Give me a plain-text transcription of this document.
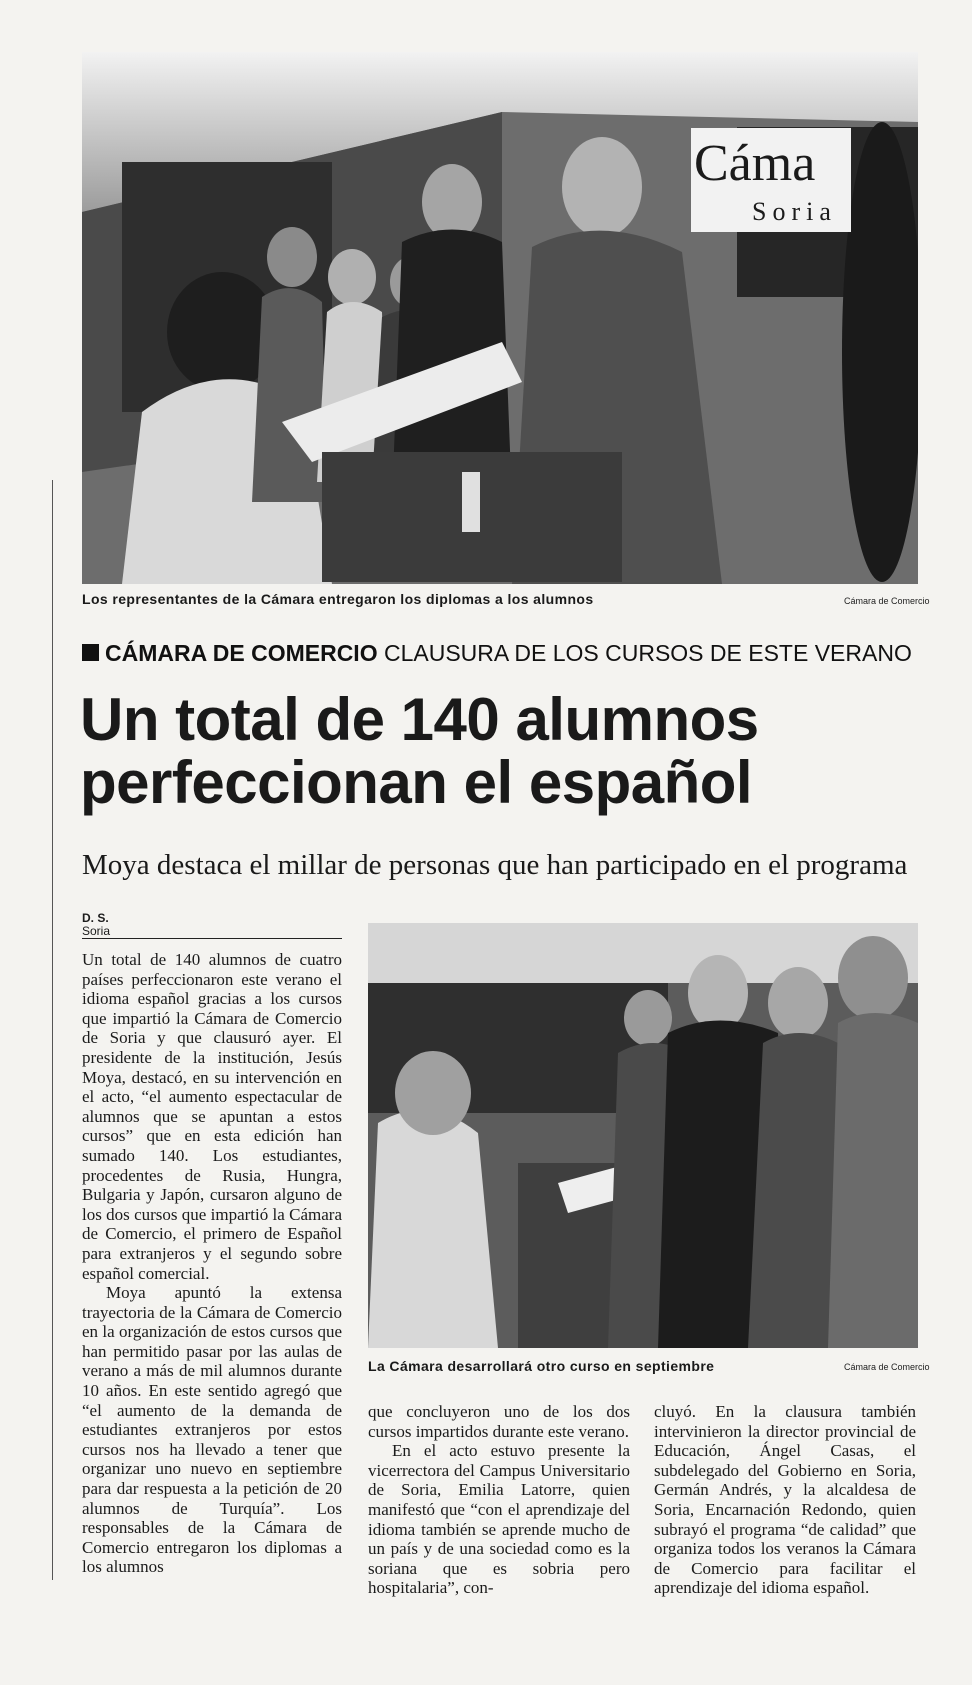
Cáma
Soria
Los representantes de la Cámara entregaron los diplomas a los alumnos	Cámara de Comercio
CÁMARA DE COMERCIO CLAUSURA DE LOS CURSOS DE ESTE VERANO
Un total de 140 alumnos
perfeccionan el español
Moya destaca el millar de personas que han participado en el programa
D. S.
Soria
La Cámara desarrollará otro curso en septiembre	Cámara de Comercio

Un total de 140 alumnos de cuatro países perfeccionaron este verano el idioma español gracias a los cursos que impartió la Cámara de Comercio de Soria y que clausuró ayer. El presidente de la institución, Jesús Moya, destacó, en su intervención en el acto, “el aumento espectacular de alumnos que se apuntan a estos cursos” que en esta edición han sumado 140. Los estudiantes, procedentes de Rusia, Hungra, Bulgaria y Japón, cursaron alguno de los dos cursos que impartió la Cámara de Comercio, el primero de Español para extranjeros y el segundo sobre español comercial.

Moya apuntó la extensa trayectoria de la Cámara de Comercio en la organización de estos cursos que han permitido pasar por las aulas de verano a más de mil alumnos durante 10 años. En este sentido agregó que “el aumento de la demanda de estudiantes extranjeros por estos cursos nos ha llevado a tener que organizar uno nuevo en septiembre para dar respuesta a la petición de 20 alumnos de Turquía”. Los responsables de la Cámara de Comercio entregaron los diplomas a los alumnos

que concluyeron uno de los dos cursos impartidos durante este verano.

En el acto estuvo presente la vicerrectora del Campus Universitario de Soria, Emilia Latorre, quien manifestó que “con el aprendizaje del idioma también se aprende mucho de un país y de una sociedad como es la soriana que es sobria pero hospitalaria”, con-

cluyó. En la clausura también intervinieron la director provincial de Educación, Ángel Casas, el subdelegado del Gobierno en Soria, Germán Andrés, y la alcaldesa de Soria, Encarnación Redondo, quien subrayó el programa “de calidad” que organiza todos los veranos la Cámara de Comercio para facilitar el aprendizaje del idioma español.
